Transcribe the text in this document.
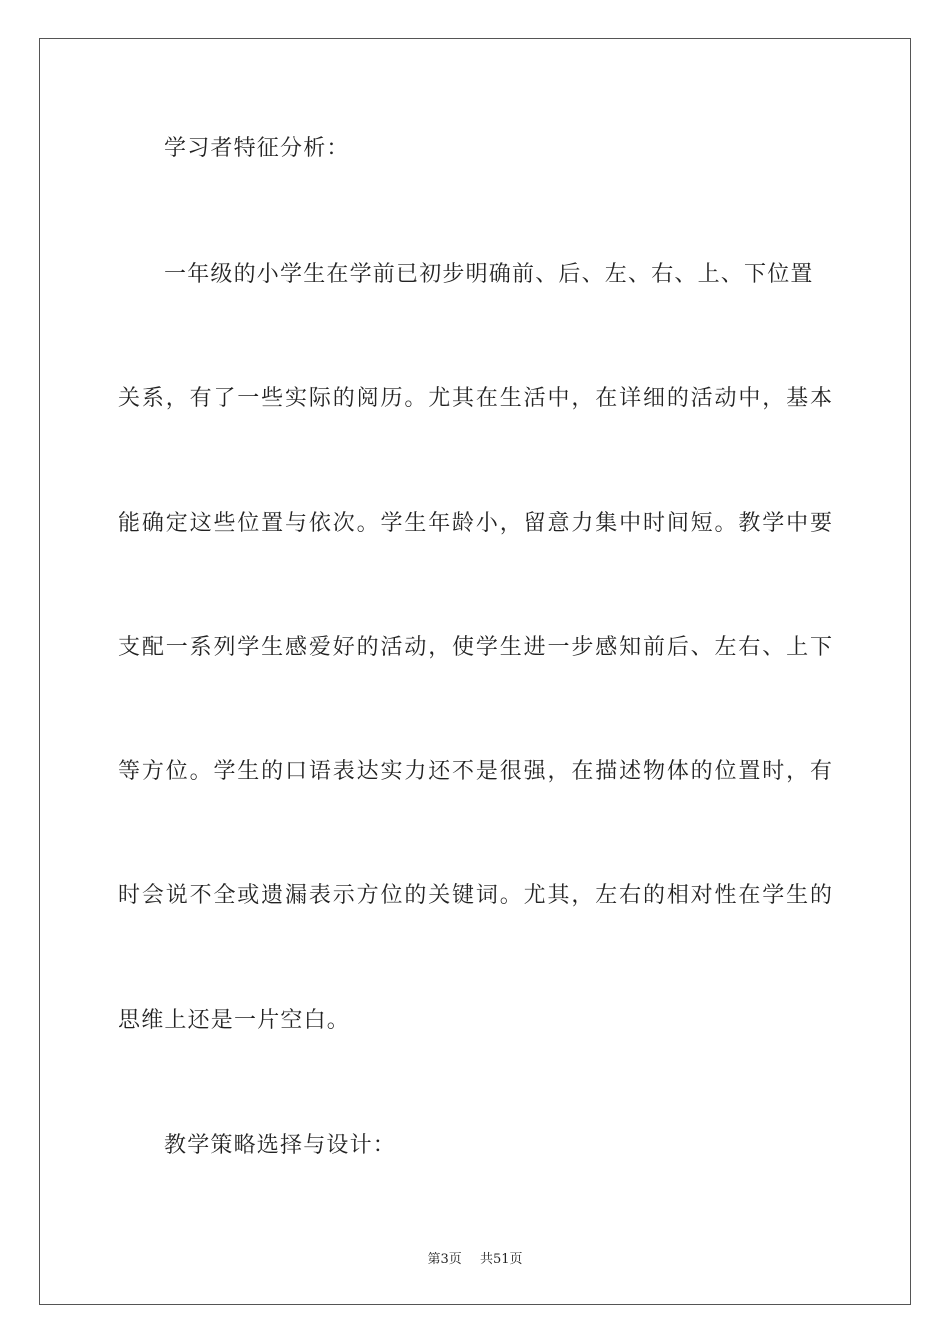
学习者特征分析：
一年级的小学生在学前已初步明确前、后、左、右、上、下位置
关系，有了一些实际的阅历。尤其在生活中，在详细的活动中，基本
能确定这些位置与依次。学生年龄小，留意力集中时间短。教学中要
支配一系列学生感爱好的活动，使学生进一步感知前后、左右、上下
等方位。学生的口语表达实力还不是很强，在描述物体的位置时，有
时会说不全或遗漏表示方位的关键词。尤其，左右的相对性在学生的
思维上还是一片空白。
教学策略选择与设计：
第3页 共51页
